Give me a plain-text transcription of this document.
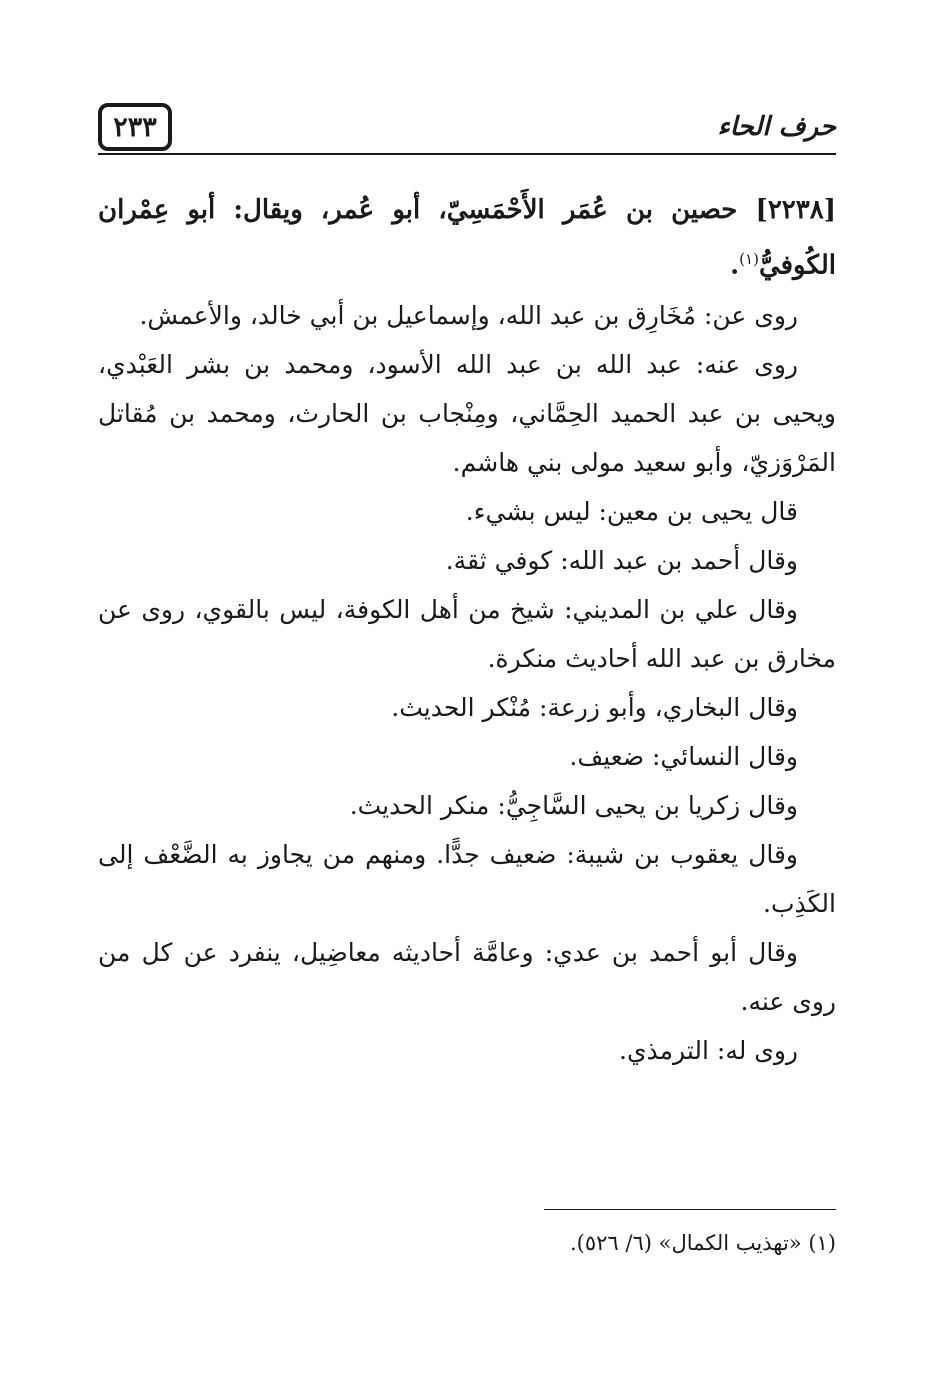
٢٣٣	حرف الحاء

[٢٢٣٨] حصين بن عُمَر الأَحْمَسِيّ، أبو عُمر، ويقال: أبو عِمْران الكُوفيُّ$^{(١)}$.

روى عن: مُخَارِق بن عبد الله، وإسماعيل بن أبي خالد، والأعمش.

روى عنه: عبد الله بن عبد الله الأسود، ومحمد بن بشر العَبْدي، ويحيى بن عبد الحميد الحِمَّاني، ومِنْجاب بن الحارث، ومحمد بن مُقاتل المَرْوَزيّ، وأبو سعيد مولى بني هاشم.

قال يحيى بن معين: ليس بشيء.

وقال أحمد بن عبد الله: كوفي ثقة.

وقال علي بن المديني: شيخ من أهل الكوفة، ليس بالقوي، روى عن مخارق بن عبد الله أحاديث منكرة.

وقال البخاري، وأبو زرعة: مُنْكر الحديث.

وقال النسائي: ضعيف.

وقال زكريا بن يحيى السَّاجِيُّ: منكر الحديث.

وقال يعقوب بن شيبة: ضعيف جدًّا. ومنهم من يجاوز به الضَّعْف إلى الكَذِب.

وقال أبو أحمد بن عدي: وعامَّة أحاديثه معاضِيل، ينفرد عن كل من روى عنه.

روى له: الترمذي.

(١) «تهذيب الكمال» (٦/ ٥٢٦).
